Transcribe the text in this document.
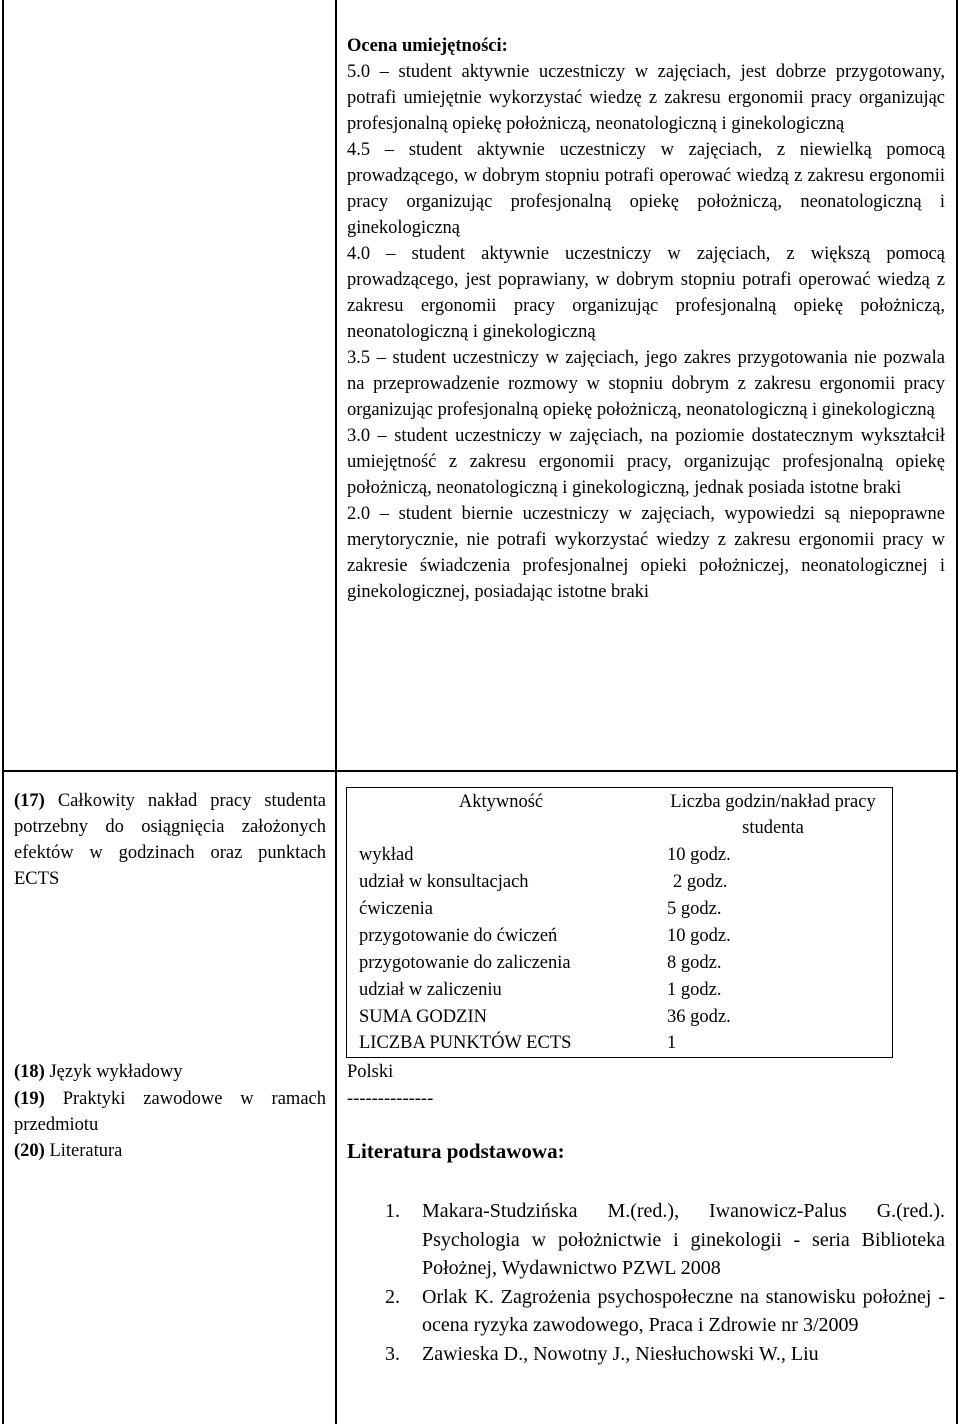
Ocena umiejętności:

5.0 – student aktywnie uczestniczy w zajęciach, jest dobrze przygotowany, potrafi umiejętnie wykorzystać wiedzę z zakresu ergonomii pracy organizując profesjonalną opiekę położniczą, neonatologiczną i ginekologiczną

4.5 – student aktywnie uczestniczy w zajęciach, z niewielką pomocą prowadzącego, w dobrym stopniu potrafi operować wiedzą z zakresu ergonomii pracy organizując profesjonalną opiekę położniczą, neonatologiczną i ginekologiczną

4.0 – student aktywnie uczestniczy w zajęciach, z większą pomocą prowadzącego, jest poprawiany, w dobrym stopniu potrafi operować wiedzą z zakresu ergonomii pracy organizując profesjonalną opiekę położniczą, neonatologiczną i ginekologiczną

3.5 – student uczestniczy w zajęciach, jego zakres przygotowania nie pozwala na przeprowadzenie rozmowy w stopniu dobrym z zakresu ergonomii pracy organizując profesjonalną opiekę położniczą, neonatologiczną i ginekologiczną

3.0 – student uczestniczy w zajęciach, na poziomie dostatecznym wykształcił umiejętność z zakresu ergonomii pracy, organizując profesjonalną opiekę położniczą, neonatologiczną i ginekologiczną, jednak posiada istotne braki

2.0 – student biernie uczestniczy w zajęciach, wypowiedzi są niepoprawne merytorycznie, nie potrafi wykorzystać wiedzy z zakresu ergonomii pracy w zakresie świadczenia profesjonalnej opieki położniczej, neonatologicznej i ginekologicznej, posiadając istotne braki

(17) Całkowity nakład pracy studenta potrzebny do osiągnięcia założonych efektów w godzinach oraz punktach ECTS
Aktywność	Liczba godzin/nakład pracy studenta
wykład	10 godz.
udział w konsultacjach	2 godz.
ćwiczenia	5 godz.
przygotowanie do ćwiczeń	10 godz.
przygotowanie do zaliczenia	8 godz.
udział w zaliczeniu	1 godz.
SUMA GODZIN	36 godz.
LICZBA PUNKTÓW ECTS	1
(18) Język wykładowy	Polski
(19) Praktyki zawodowe w ramach przedmiotu
--------------
(20) Literatura	Literatura podstawowa:
1. Makara-Studzińska M.(red.), Iwanowicz-Palus G.(red.). Psychologia w położnictwie i ginekologii - seria Biblioteka Położnej, Wydawnictwo PZWL 2008
2. Orlak K. Zagrożenia psychospołeczne na stanowisku położnej - ocena ryzyka zawodowego, Praca i Zdrowie nr 3/2009
3. Zawieska D., Nowotny J., Niesłuchowski W., Liu
